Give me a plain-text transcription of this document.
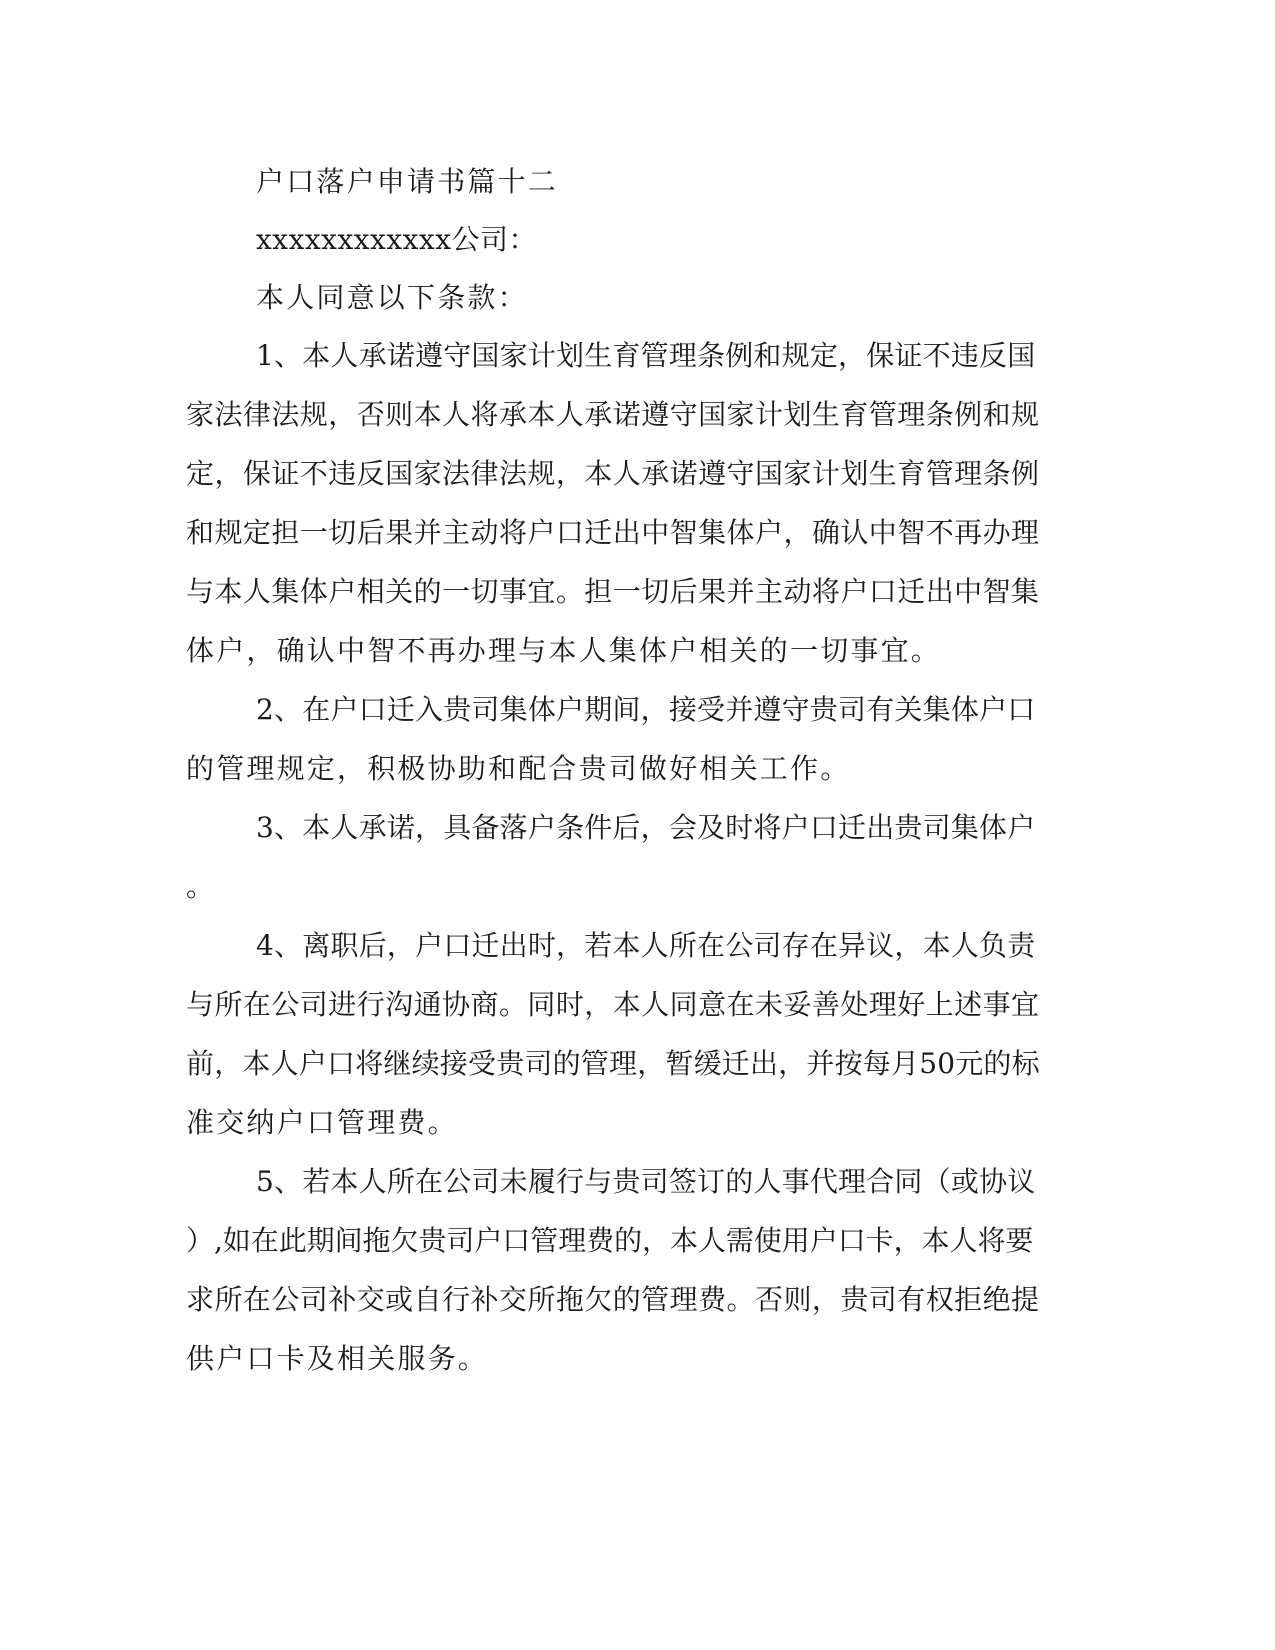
户口落户申请书篇十二
xxxxxxxxxxxx公司：
本人同意以下条款：
1、本人承诺遵守国家计划生育管理条例和规定，保证不违反国
家法律法规，否则本人将承本人承诺遵守国家计划生育管理条例和规
定，保证不违反国家法律法规，本人承诺遵守国家计划生育管理条例
和规定担一切后果并主动将户口迁出中智集体户，确认中智不再办理
与本人集体户相关的一切事宜。担一切后果并主动将户口迁出中智集
体户，确认中智不再办理与本人集体户相关的一切事宜。
2、在户口迁入贵司集体户期间，接受并遵守贵司有关集体户口
的管理规定，积极协助和配合贵司做好相关工作。
3、本人承诺，具备落户条件后，会及时将户口迁出贵司集体户
。
4、离职后，户口迁出时，若本人所在公司存在异议，本人负责
与所在公司进行沟通协商。同时，本人同意在未妥善处理好上述事宜
前，本人户口将继续接受贵司的管理，暂缓迁出，并按每月50元的标
准交纳户口管理费。
5、若本人所在公司未履行与贵司签订的人事代理合同（或协议
）,如在此期间拖欠贵司户口管理费的，本人需使用户口卡，本人将要
求所在公司补交或自行补交所拖欠的管理费。否则，贵司有权拒绝提
供户口卡及相关服务。
